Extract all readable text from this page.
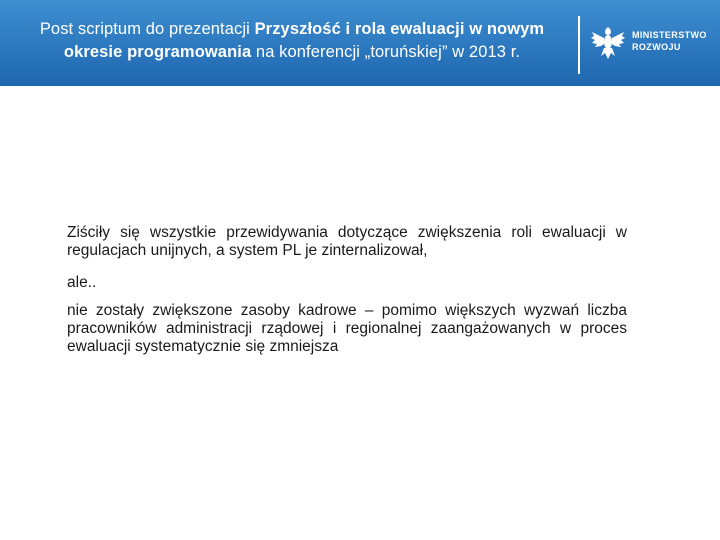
Post scriptum do prezentacji Przyszłość i rola ewaluacji w nowym okresie programowania na konferencji „toruńskiej” w 2013 r.
MINISTERSTWO
ROZWOJU

Ziściły się wszystkie przewidywania dotyczące zwiększenia roli ewaluacji w regulacjach unijnych, a system PL je zinternalizował,

ale..

nie zostały zwiększone zasoby kadrowe – pomimo większych wyzwań liczba pracowników administracji rządowej i regionalnej zaangażowanych w proces ewaluacji systematycznie się zmniejsza
